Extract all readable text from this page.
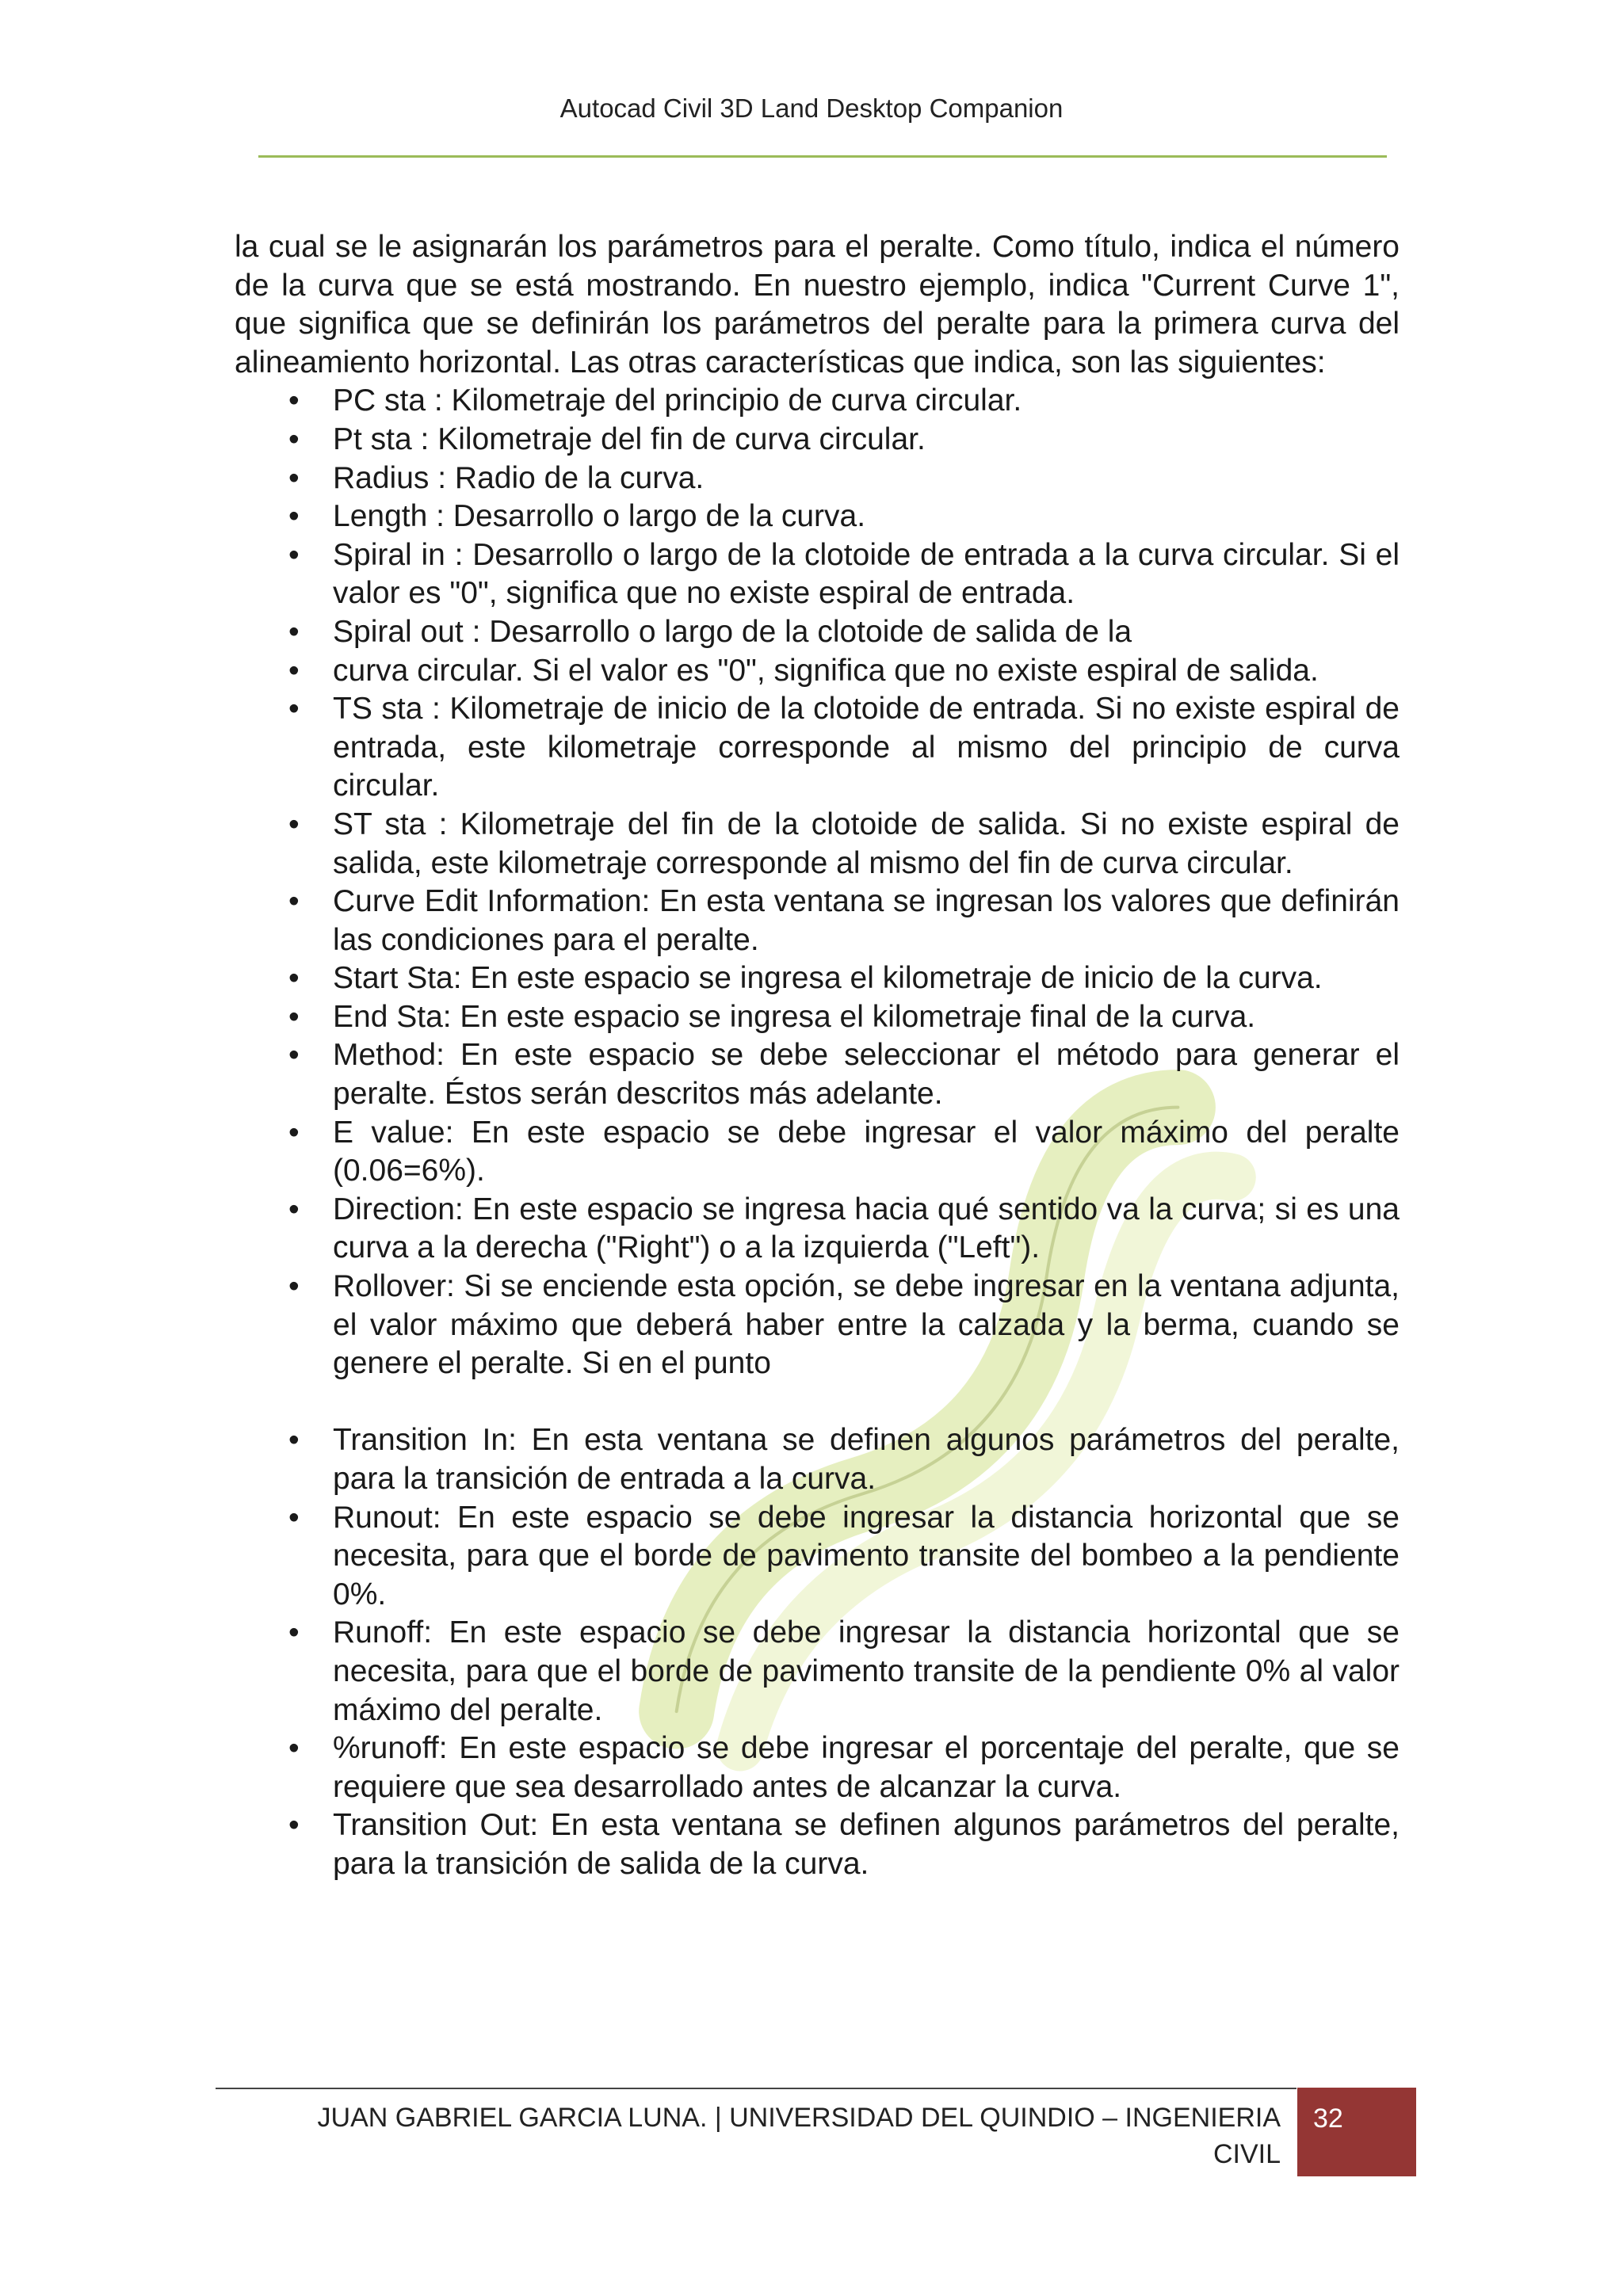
Autocad Civil 3D Land Desktop Companion

la cual se le asignarán los parámetros para el peralte. Como título, indica el número de la curva que se está mostrando. En nuestro ejemplo, indica "Current Curve 1", que significa que se definirán los parámetros del peralte para la primera curva del alineamiento horizontal. Las otras características que indica, son las siguientes:

• PC sta : Kilometraje del principio de curva circular.
• Pt sta : Kilometraje del fin de curva circular.
• Radius : Radio de la curva.
• Length : Desarrollo o largo de la curva.
• Spiral in : Desarrollo o largo de la clotoide de entrada a la curva circular. Si el valor es "0", significa que no existe espiral de entrada.
• Spiral out : Desarrollo o largo de la clotoide de salida de la
• curva circular. Si el valor es "0", significa que no existe espiral de salida.
• TS sta : Kilometraje de inicio de la clotoide de entrada. Si no existe espiral de entrada, este kilometraje corresponde al mismo del principio de curva circular.
• ST sta : Kilometraje del fin de la clotoide de salida. Si no existe espiral de salida, este kilometraje corresponde al mismo del fin de curva circular.
• Curve Edit Information: En esta ventana se ingresan los valores que definirán las condiciones para el peralte.
• Start Sta: En este espacio se ingresa el kilometraje de inicio de la curva.
• End Sta: En este espacio se ingresa el kilometraje final de la curva.
• Method: En este espacio se debe seleccionar el método para generar el peralte. Éstos serán descritos más adelante.
• E value: En este espacio se debe ingresar el valor máximo del peralte (0.06=6%).
• Direction: En este espacio se ingresa hacia qué sentido va la curva; si es una curva a la derecha ("Right") o a la izquierda ("Left").
• Rollover: Si se enciende esta opción, se debe ingresar en la ventana adjunta, el valor máximo que deberá haber entre la calzada y la berma, cuando se genere el peralte. Si en el punto
• Transition In: En esta ventana se definen algunos parámetros del peralte, para la transición de entrada a la curva.
• Runout: En este espacio se debe ingresar la distancia horizontal que se necesita, para que el borde de pavimento transite del bombeo a la pendiente 0%.
• Runoff: En este espacio se debe ingresar la distancia horizontal que se necesita, para que el borde de pavimento transite de la pendiente 0% al valor máximo del peralte.
• %runoff: En este espacio se debe ingresar el porcentaje del peralte, que se requiere que sea desarrollado antes de alcanzar la curva.
• Transition Out: En esta ventana se definen algunos parámetros del peralte, para la transición de salida de la curva.
JUAN GABRIEL GARCIA LUNA. | UNIVERSIDAD DEL QUINDIO – INGENIERIA
CIVIL
32
